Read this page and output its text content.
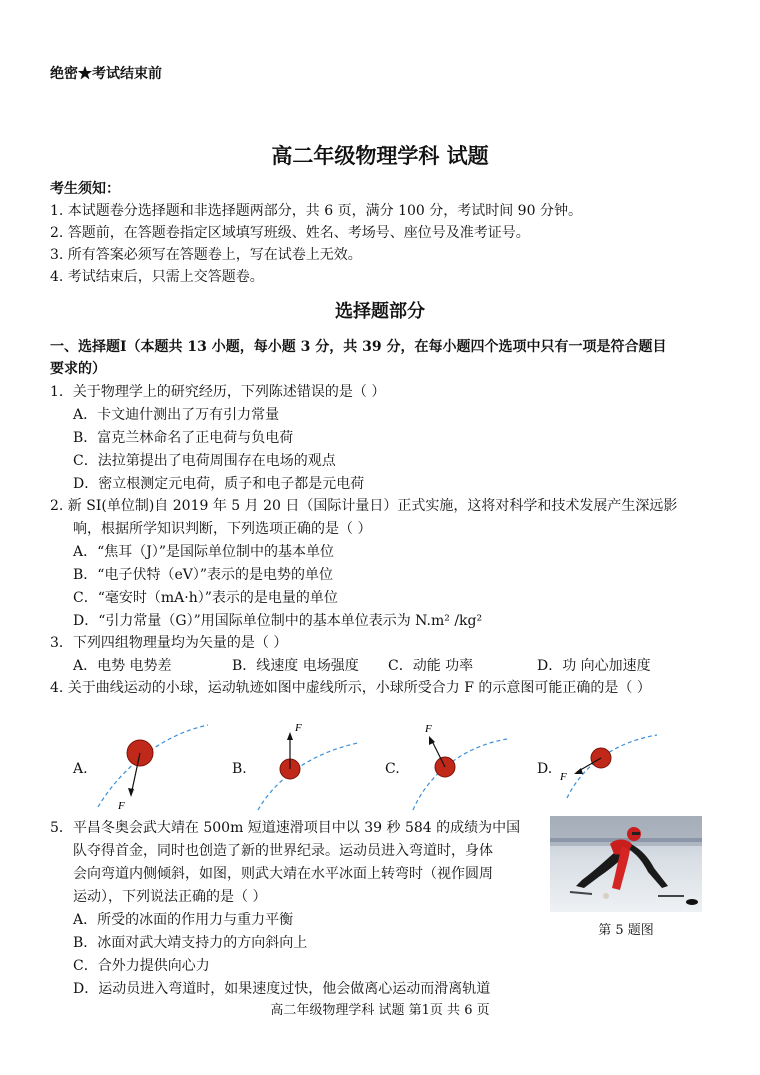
绝密★考试结束前
高二年级物理学科 试题
考生须知：
1. 本试题卷分选择题和非选择题两部分，共 6 页，满分 100 分，考试时间 90 分钟。
2. 答题前，在答题卷指定区域填写班级、姓名、考场号、座位号及准考证号。
3. 所有答案必须写在答题卷上，写在试卷上无效。
4. 考试结束后，只需上交答题卷。
选择题部分
一、选择题Ⅰ（本题共 13 小题，每小题 3 分，共 39 分，在每小题四个选项中只有一项是符合题目
要求的）
1．关于物理学上的研究经历，下列陈述错误的是（ ）
A．卡文迪什测出了万有引力常量
B．富克兰林命名了正电荷与负电荷
C．法拉第提出了电荷周围存在电场的观点
D．密立根测定元电荷，质子和电子都是元电荷
2. 新 SI(单位制)自 2019 年 5 月 20 日（国际计量日）正式实施，这将对科学和技术发展产生深远影
响，根据所学知识判断，下列选项正确的是（ ）
A．“焦耳（J）”是国际单位制中的基本单位
B．“电子伏特（eV）”表示的是电势的单位
C．“毫安时（mA·h）”表示的是电量的单位
D．“引力常量（G）”用国际单位制中的基本单位表示为 N.m² /kg²
3．下列四组物理量均为矢量的是（ ）
A．电势 电势差	B．线速度 电场强度 C．动能 功率	D．功 向心加速度
4. 关于曲线运动的小球，运动轨迹如图中虚线所示，小球所受合力 F 的示意图可能正确的是（ ）
A.
F
B.
F
C.
F
D. F
5．平昌冬奥会武大靖在 500m 短道速滑项目中以 39 秒 584 的成绩为中国
队夺得首金，同时也创造了新的世界纪录。运动员进入弯道时，身体
会向弯道内侧倾斜，如图，则武大靖在水平冰面上转弯时（视作圆周
运动），下列说法正确的是（ ）
A．所受的冰面的作用力与重力平衡
B．冰面对武大靖支持力的方向斜向上
C．合外力提供向心力
D．运动员进入弯道时，如果速度过快，他会做离心运动而滑离轨道
第 5 题图
高二年级物理学科 试题 第1页 共 6 页
